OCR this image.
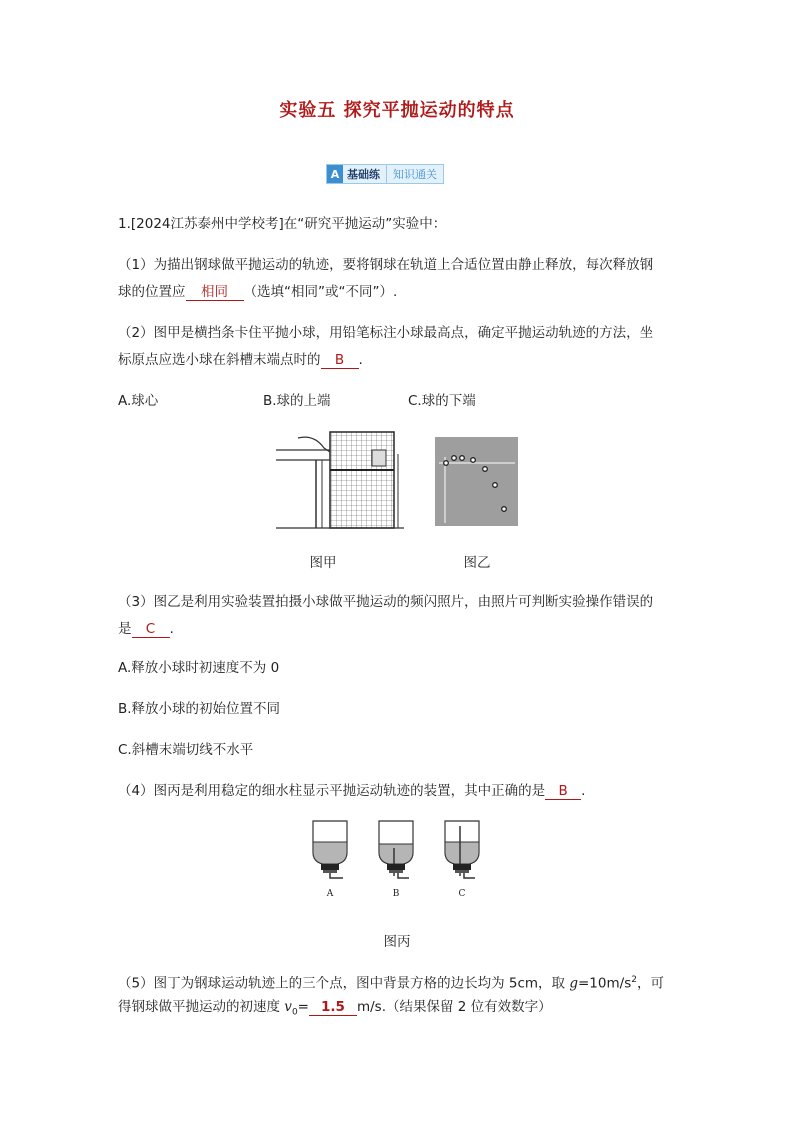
实验五 探究平抛运动的特点
A 基础练	知识通关
1.[2024江苏泰州中学校考]在“研究平抛运动”实验中：
（1）为描出钢球做平抛运动的轨迹，要将钢球在轨道上合适位置由静止释放，每次释放钢
球的位置应 相同 （选填“相同”或“不同”）.
（2）图甲是横挡条卡住平抛小球，用铅笔标注小球最高点，确定平抛运动轨迹的方法，坐
标原点应选小球在斜槽末端点时的 B .
A.球心	B.球的上端	C.球的下端
图甲	图乙
（3）图乙是利用实验装置拍摄小球做平抛运动的频闪照片，由照片可判断实验操作错误的
是 C .
A.释放小球时初速度不为 0
B.释放小球的初始位置不同
C.斜槽末端切线不水平
（4）图丙是利用稳定的细水柱显示平抛运动轨迹的装置，其中正确的是 B .
A	B	C
图丙
（5）图丁为钢球运动轨迹上的三个点，图中背景方格的边长均为 5cm，取 $g=10m/s^2$，可
得钢球做平抛运动的初速度 $v_0= 1.5$ m/s.（结果保留 2 位有效数字）
